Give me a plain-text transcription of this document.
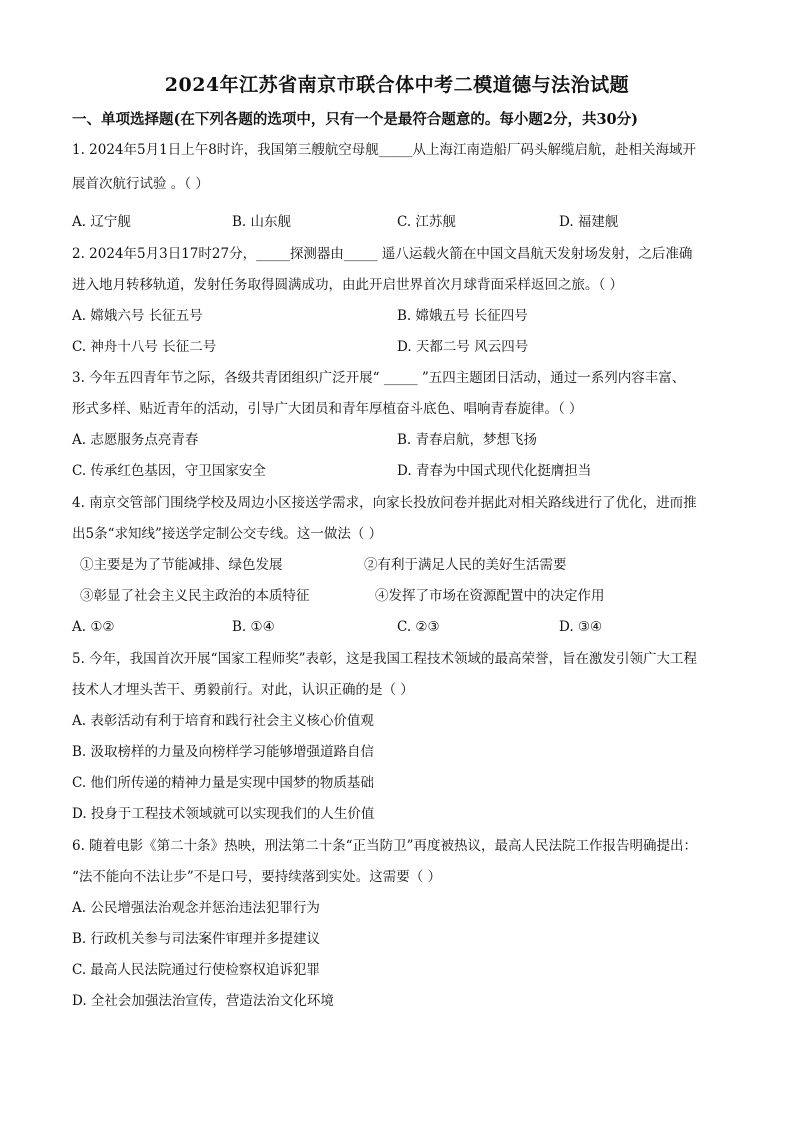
2024年江苏省南京市联合体中考二模道德与法治试题
一、单项选择题(在下列各题的选项中，只有一个是最符合题意的。每小题2分，共30分)
1. 2024年5月1日上午8时许，我国第三艘航空母舰_____从上海江南造船厂码头解缆启航，赴相关海域开
展首次航行试验 。（ ）
A. 辽宁舰	B. 山东舰	C. 江苏舰	D. 福建舰
2. 2024年5月3日17时27分，_____探测器由_____ 遥八运载火箭在中国文昌航天发射场发射，之后准确
进入地月转移轨道，发射任务取得圆满成功，由此开启世界首次月球背面采样返回之旅。（ ）
A. 嫦娥六号 长征五号	B. 嫦娥五号 长征四号
C. 神舟十八号 长征二号	D. 天都二号 风云四号
3. 今年五四青年节之际，各级共青团组织广泛开展“ _____ ”五四主题团日活动，通过一系列内容丰富、
形式多样、贴近青年的活动，引导广大团员和青年厚植奋斗底色、唱响青春旋律。（ ）
A. 志愿服务点亮青春	B. 青春启航，梦想飞扬
C. 传承红色基因，守卫国家安全	D. 青春为中国式现代化挺膺担当
4. 南京交管部门围绕学校及周边小区接送学需求，向家长投放问卷并据此对相关路线进行了优化，进而推
出5条“求知线”接送学定制公交专线。这一做法（ ）
①主要是为了节能减排、绿色发展	②有利于满足人民的美好生活需要
③彰显了社会主义民主政治的本质特征	④发挥了市场在资源配置中的决定作用
A. ①②	B. ①④	C. ②③	D. ③④
5. 今年，我国首次开展“国家工程师奖”表彰，这是我国工程技术领域的最高荣誉，旨在激发引领广大工程
技术人才埋头苦干、勇毅前行。对此，认识正确的是（ ）
A. 表彰活动有利于培育和践行社会主义核心价值观
B. 汲取榜样的力量及向榜样学习能够增强道路自信
C. 他们所传递的精神力量是实现中国梦的物质基础
D. 投身于工程技术领域就可以实现我们的人生价值
6. 随着电影《第二十条》热映，刑法第二十条“正当防卫”再度被热议，最高人民法院工作报告明确提出：
“法不能向不法让步”不是口号，要持续落到实处。这需要（ ）
A. 公民增强法治观念并惩治违法犯罪行为
B. 行政机关参与司法案件审理并多提建议
C. 最高人民法院通过行使检察权追诉犯罪
D. 全社会加强法治宣传，营造法治文化环境
